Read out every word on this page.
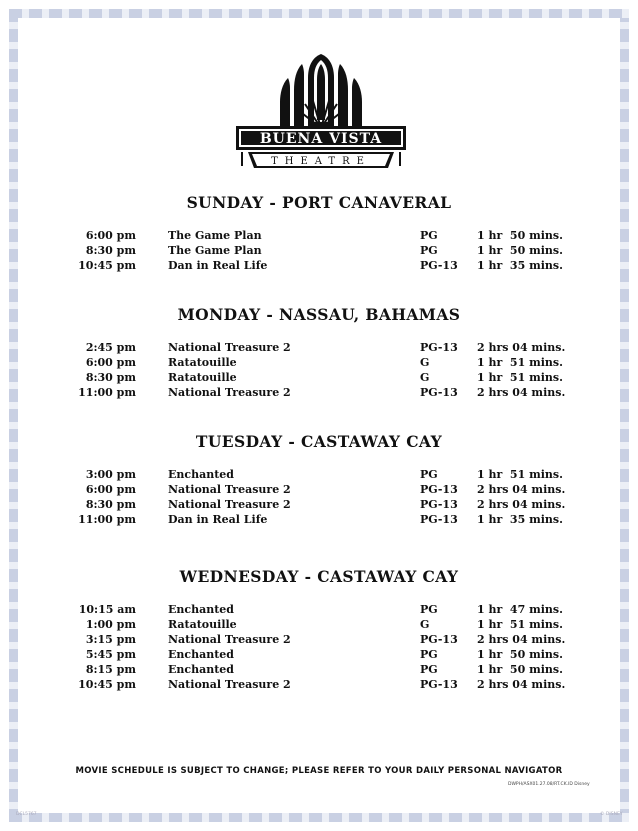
BUENA VISTA
THEATRE
SUNDAY - PORT CANAVERAL
6:00 pm	The Game Plan	PG	1 hr  50 mins.
8:30 pm	The Game Plan	PG	1 hr  50 mins.
10:45 pm	Dan in Real Life	PG-13 1 hr  35 mins.
MONDAY - NASSAU, BAHAMAS
2:45 pm	National Treasure 2	PG-13 2 hrs 04 mins.
6:00 pm	Ratatouille	G	1 hr  51 mins.
8:30 pm	Ratatouille	G	1 hr  51 mins.
11:00 pm	National Treasure 2	PG-13 2 hrs 04 mins.
TUESDAY - CASTAWAY CAY
3:00 pm	Enchanted	PG	1 hr  51 mins.
6:00 pm	National Treasure 2	PG-13 2 hrs 04 mins.
8:30 pm	National Treasure 2	PG-13 2 hrs 04 mins.
11:00 pm	Dan in Real Life	PG-13 1 hr  35 mins.
WEDNESDAY - CASTAWAY CAY
10:15 am	Enchanted	PG	1 hr  47 mins.
1:00 pm	Ratatouille	G	1 hr  51 mins.
3:15 pm	National Treasure 2	PG-13 2 hrs 04 mins.
5:45 pm	Enchanted	PG	1 hr  50 mins.
8:15 pm	Enchanted	PG	1 hr  50 mins.
10:45 pm	National Treasure 2	PG-13 2 hrs 04 mins.
MOVIE SCHEDULE IS SUBJECT TO CHANGE; PLEASE REFER TO YOUR DAILY PERSONAL NAVIGATOR
DWPH/ASX01.27.08/RT.CK.ID Disney
DCL5767	© DISNEY
